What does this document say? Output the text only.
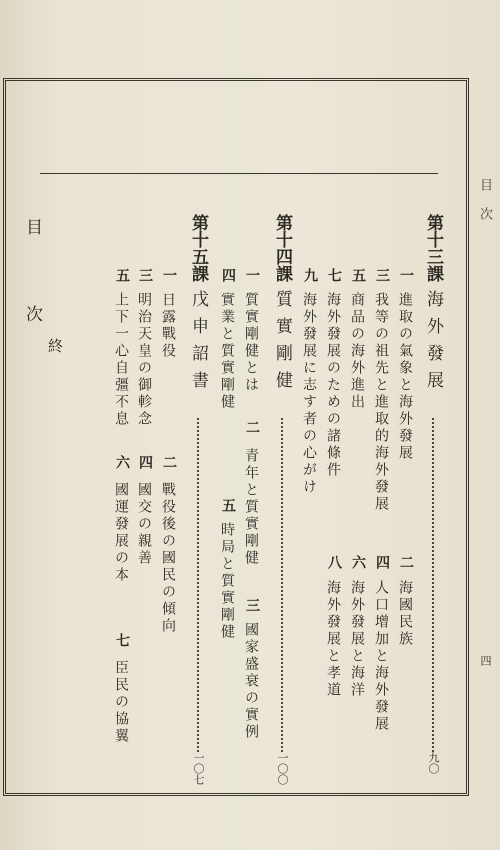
目次
四
第十三課
海外發展
九〇
一
進取の氣象と海外發展
二
海國民族
三
我等の祖先と進取的海外發展
四
人口增加と海外發展
五
商品の海外進出
六
海外發展と海洋
七
海外發展のための諸條件
八
海外發展と孝道
九
海外發展に志す者の心がけ
第十四課
質實剛健
一〇〇
一
質實剛健とは
二
青年と質實剛健
三
國家盛衰の實例
四
實業と質實剛健
五
時局と質實剛健
第十五課
戊申詔書
一〇七
一
日露戰役
二
戰役後の國民の傾向
三
明治天皇の御軫念
四
國交の親善
五
上下一心自彊不息
六
國運發展の本
七
臣民の協翼
目
次
終
